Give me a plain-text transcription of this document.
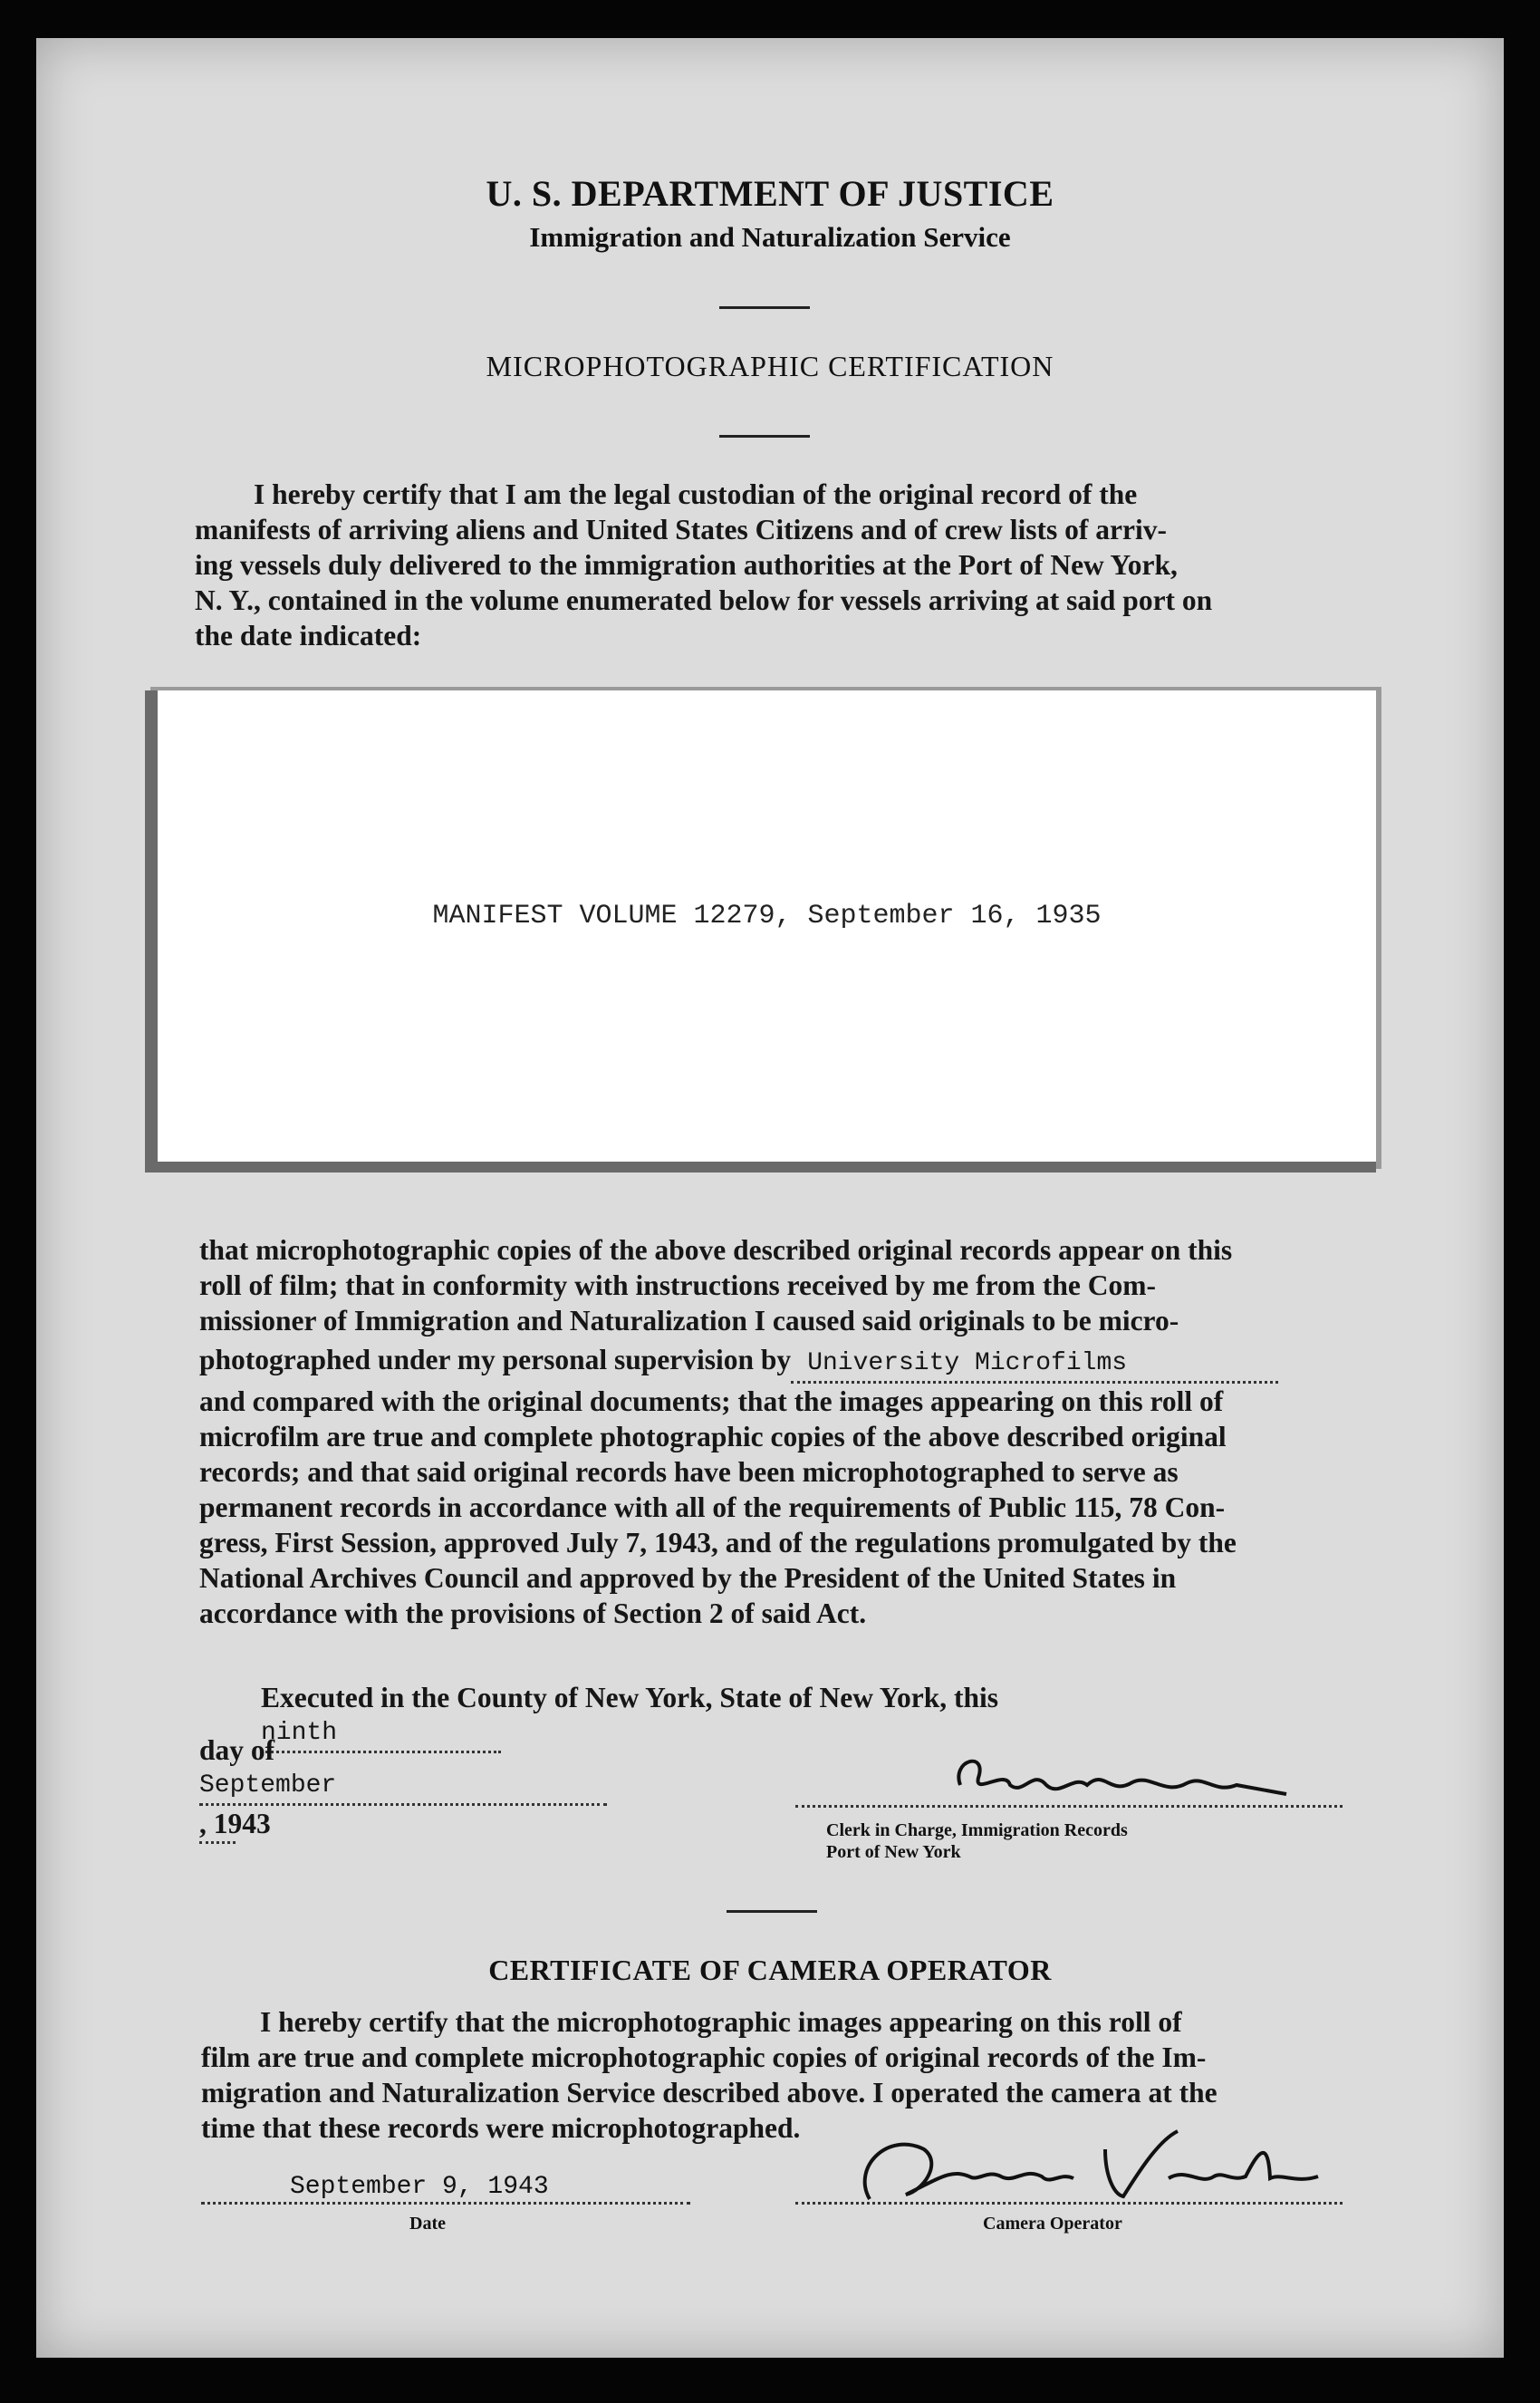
U. S. DEPARTMENT OF JUSTICE
Immigration and Naturalization Service
MICROPHOTOGRAPHIC CERTIFICATION
I hereby certify that I am the legal custodian of the original record of the
manifests of arriving aliens and United States Citizens and of crew lists of arriv-
ing vessels duly delivered to the immigration authorities at the Port of New York,
N. Y., contained in the volume enumerated below for vessels arriving at said port on
the date indicated:
MANIFEST VOLUME 12279, September 16, 1935
that microphotographic copies of the above described original records appear on this
roll of film; that in conformity with instructions received by me from the Com-
missioner of Immigration and Naturalization I caused said originals to be micro-
photographed under my personal supervision by University Microfilms
and compared with the original documents; that the images appearing on this roll of
microfilm are true and complete photographic copies of the above described original
records; and that said original records have been microphotographed to serve as
permanent records in accordance with all of the requirements of Public 115, 78 Con-
gress, First Session, approved July 7, 1943, and of the regulations promulgated by the
National Archives Council and approved by the President of the United States in
accordance with the provisions of Section 2 of said Act.
Executed in the County of New York, State of New York, this
ninth
day of
September
, 1943	Clerk in Charge, Immigration Records
Port of New York
CERTIFICATE OF CAMERA OPERATOR
I hereby certify that the microphotographic images appearing on this roll of
film are true and complete microphotographic copies of original records of the Im-
migration and Naturalization Service described above. I operated the camera at the
time that these records were microphotographed.
September 9, 1943
Date	Camera Operator
